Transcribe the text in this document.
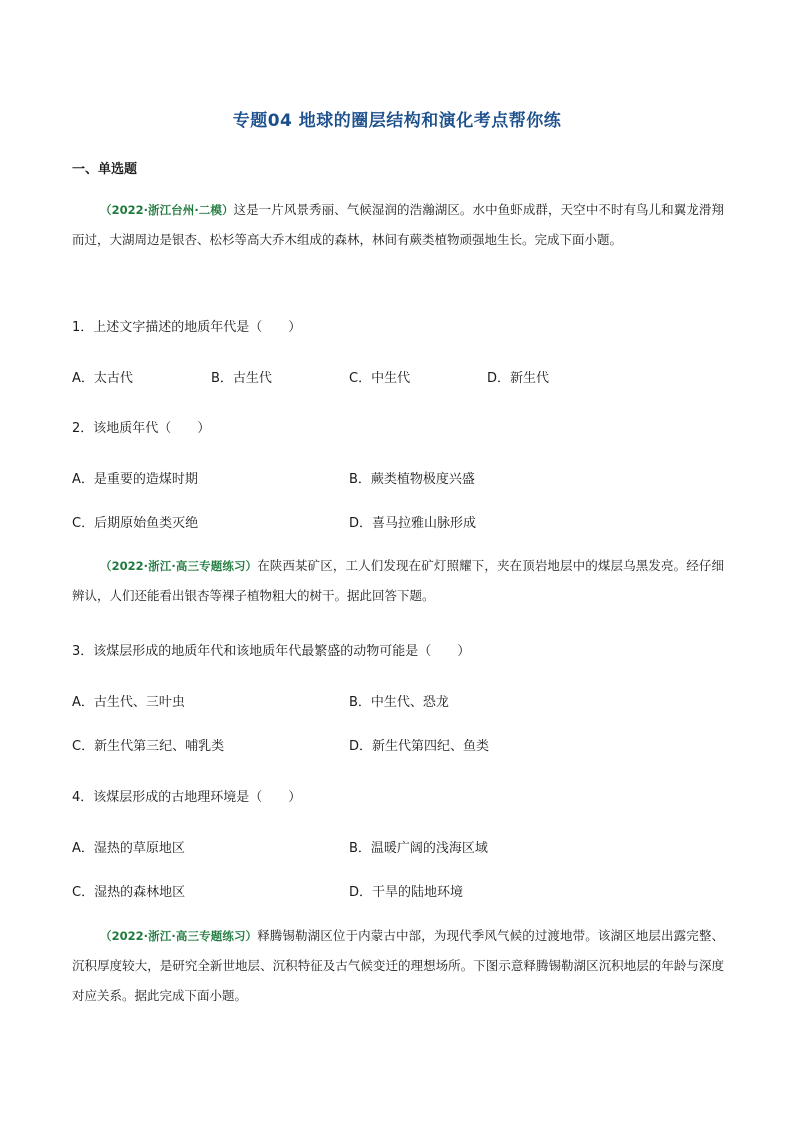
专题04 地球的圈层结构和演化考点帮你练
一、单选题
（2022·浙江台州·二模）这是一片风景秀丽、气候湿润的浩瀚湖区。水中鱼虾成群，天空中不时有鸟儿和翼龙滑翔而过，大湖周边是银杏、松杉等高大乔木组成的森林，林间有蕨类植物顽强地生长。完成下面小题。
1．上述文字描述的地质年代是（　　）
A．太古代	B．古生代	C．中生代	D．新生代
2．该地质年代（　　）
A．是重要的造煤时期	B．蕨类植物极度兴盛
C．后期原始鱼类灭绝	D．喜马拉雅山脉形成
（2022·浙江·高三专题练习）在陕西某矿区，工人们发现在矿灯照耀下，夹在顶岩地层中的煤层乌黑发亮。经仔细辨认，人们还能看出银杏等裸子植物粗大的树干。据此回答下题。
3．该煤层形成的地质年代和该地质年代最繁盛的动物可能是（　　）
A．古生代、三叶虫	B．中生代、恐龙
C．新生代第三纪、哺乳类	D．新生代第四纪、鱼类
4．该煤层形成的古地理环境是（　　）
A．湿热的草原地区	B．温暖广阔的浅海区域
C．湿热的森林地区	D．干旱的陆地环境
（2022·浙江·高三专题练习）释腾锡勒湖区位于内蒙古中部，为现代季风气候的过渡地带。该湖区地层出露完整、沉积厚度较大，是研究全新世地层、沉积特征及古气候变迁的理想场所。下图示意释腾锡勒湖区沉积地层的年龄与深度对应关系。据此完成下面小题。
